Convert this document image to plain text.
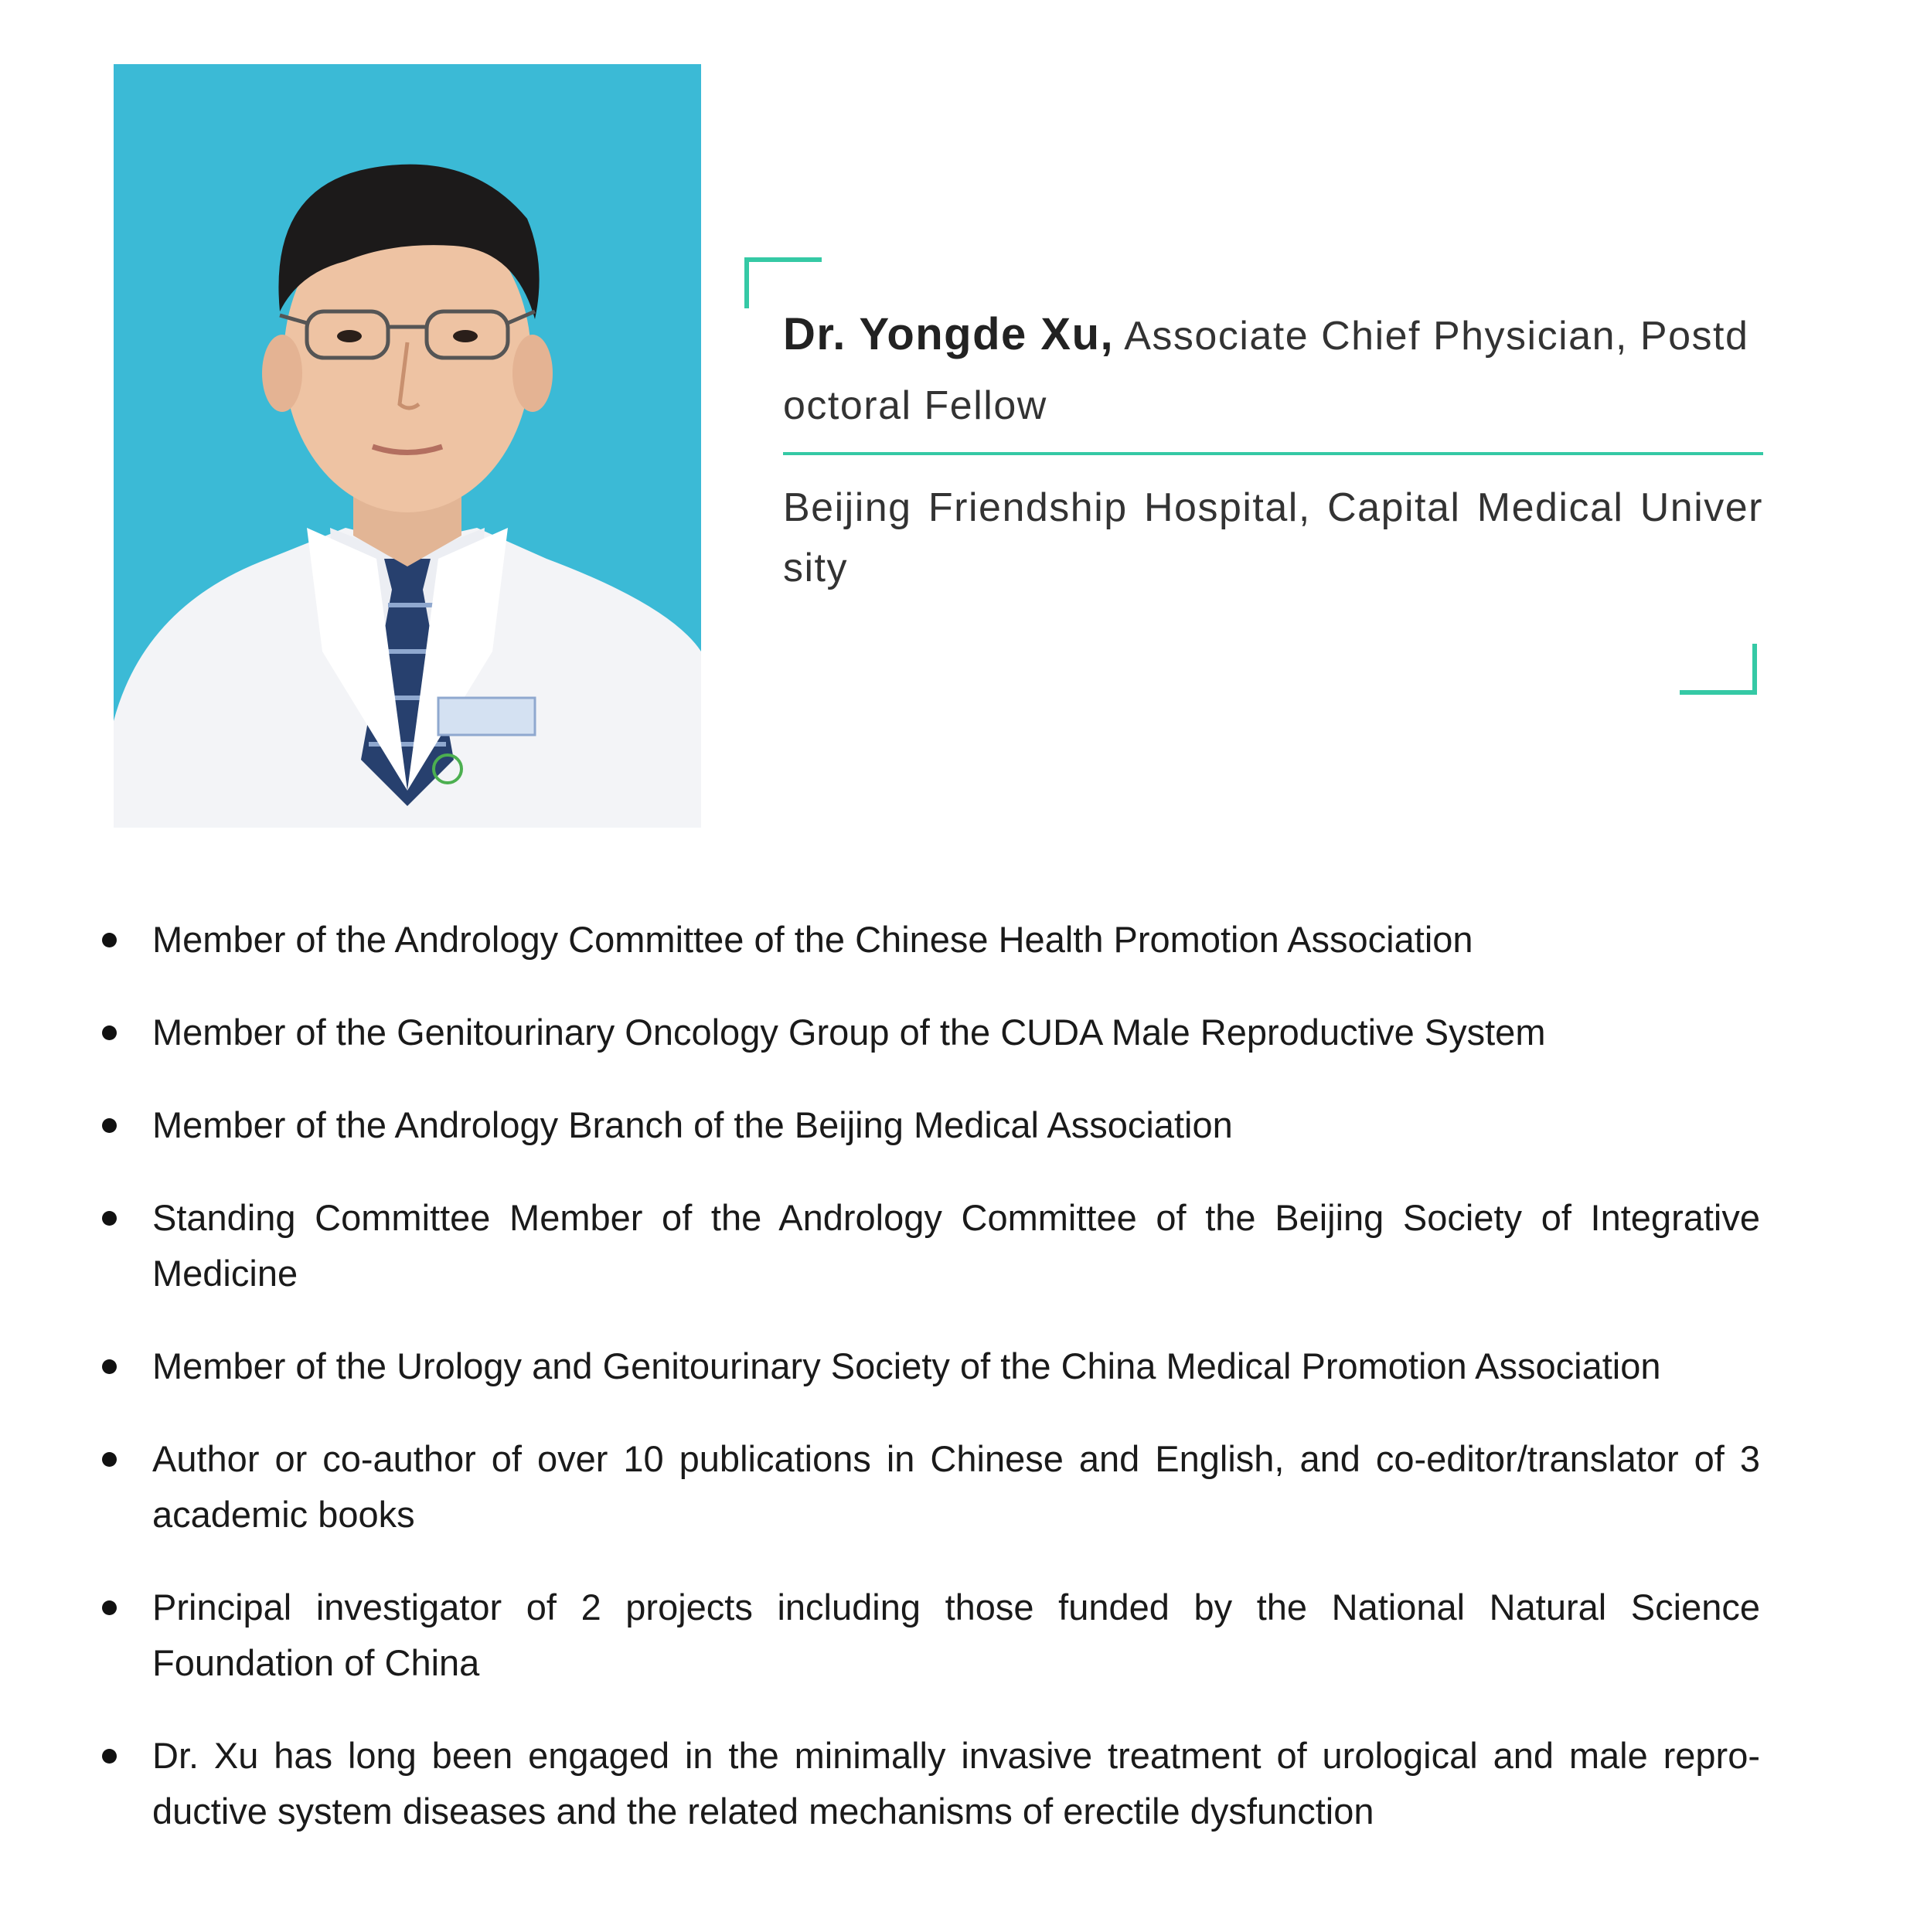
Dr. Yongde Xu, Associate Chief Physician, Postdoctoral Fellow

Beijing Friendship Hospital, Capital Medical University

Member of the Andrology Committee of the Chinese Health Promotion Association
Member of the Genitourinary Oncology Group of the CUDA Male Reproductive System
Member of the Andrology Branch of the Beijing Medical Association
Standing Committee Member of the Andrology Committee of the Beijing Society of Integrative Medicine
Member of the Urology and Genitourinary Society of the China Medical Promotion Association
Author or co-author of over 10 publications in Chinese and English, and co-editor/translator of 3 academic books
Principal investigator of 2 projects including those funded by the National Natural Science Foundation of China
Dr. Xu has long been engaged in the minimally invasive treatment of urological and male reproductive system diseases and the related mechanisms of erectile dysfunction
